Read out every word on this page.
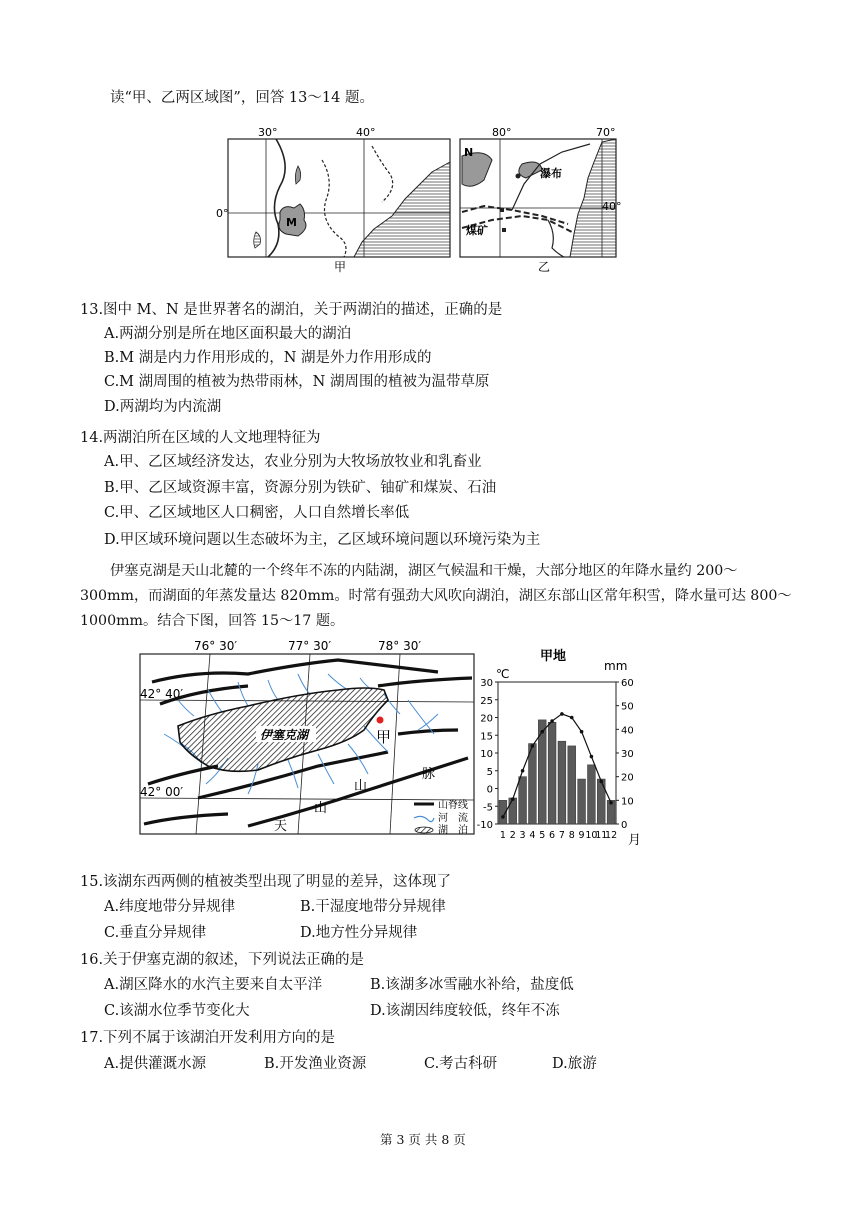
读“甲、乙两区域图”，回答 13～14 题。
30°	40°
0°
M
甲
80°	70°
N
瀑布
煤矿
40°
乙
13.图中 M、N 是世界著名的湖泊，关于两湖泊的描述，正确的是
A.两湖分别是所在地区面积最大的湖泊
B.M 湖是内力作用形成的，N 湖是外力作用形成的
C.M 湖周围的植被为热带雨林，N 湖周围的植被为温带草原
D.两湖均为内流湖
14.两湖泊所在区域的人文地理特征为
A.甲、乙区域经济发达，农业分别为大牧场放牧业和乳畜业
B.甲、乙区域资源丰富，资源分别为铁矿、铀矿和煤炭、石油
C.甲、乙区域地区人口稠密，人口自然增长率低
D.甲区域环境问题以生态破坏为主，乙区域环境问题以环境污染为主
伊塞克湖是天山北麓的一个终年不冻的内陆湖，湖区气候温和干燥，大部分地区的年降水量约 200～
300mm，而湖面的年蒸发量达 820mm。时常有强劲大风吹向湖泊，湖区东部山区常年积雪，降水量可达 800～
1000mm。结合下图，回答 15～17 题。
76° 30′	77° 30′	78° 30′
42° 40′
42° 00′
伊塞克湖	甲
天
山
山
脉
山脊线
河　流
湖　泊
甲地
℃
mm
30
25
20
15
10
5
0
-5
-10
60
50
40
30
20
10
0
1 2 3 4 5 6 7 8 9 10
11
12 月
15.该湖东西两侧的植被类型出现了明显的差异，这体现了
A.纬度地带分异规律	B.干湿度地带分异规律
C.垂直分异规律	D.地方性分异规律
16.关于伊塞克湖的叙述，下列说法正确的是
A.湖区降水的水汽主要来自太平洋	B.该湖多冰雪融水补给，盐度低
C.该湖水位季节变化大	D.该湖因纬度较低，终年不冻
17.下列不属于该湖泊开发利用方向的是
A.提供灌溉水源	B.开发渔业资源	C.考古科研	D.旅游
第 3 页 共 8 页
